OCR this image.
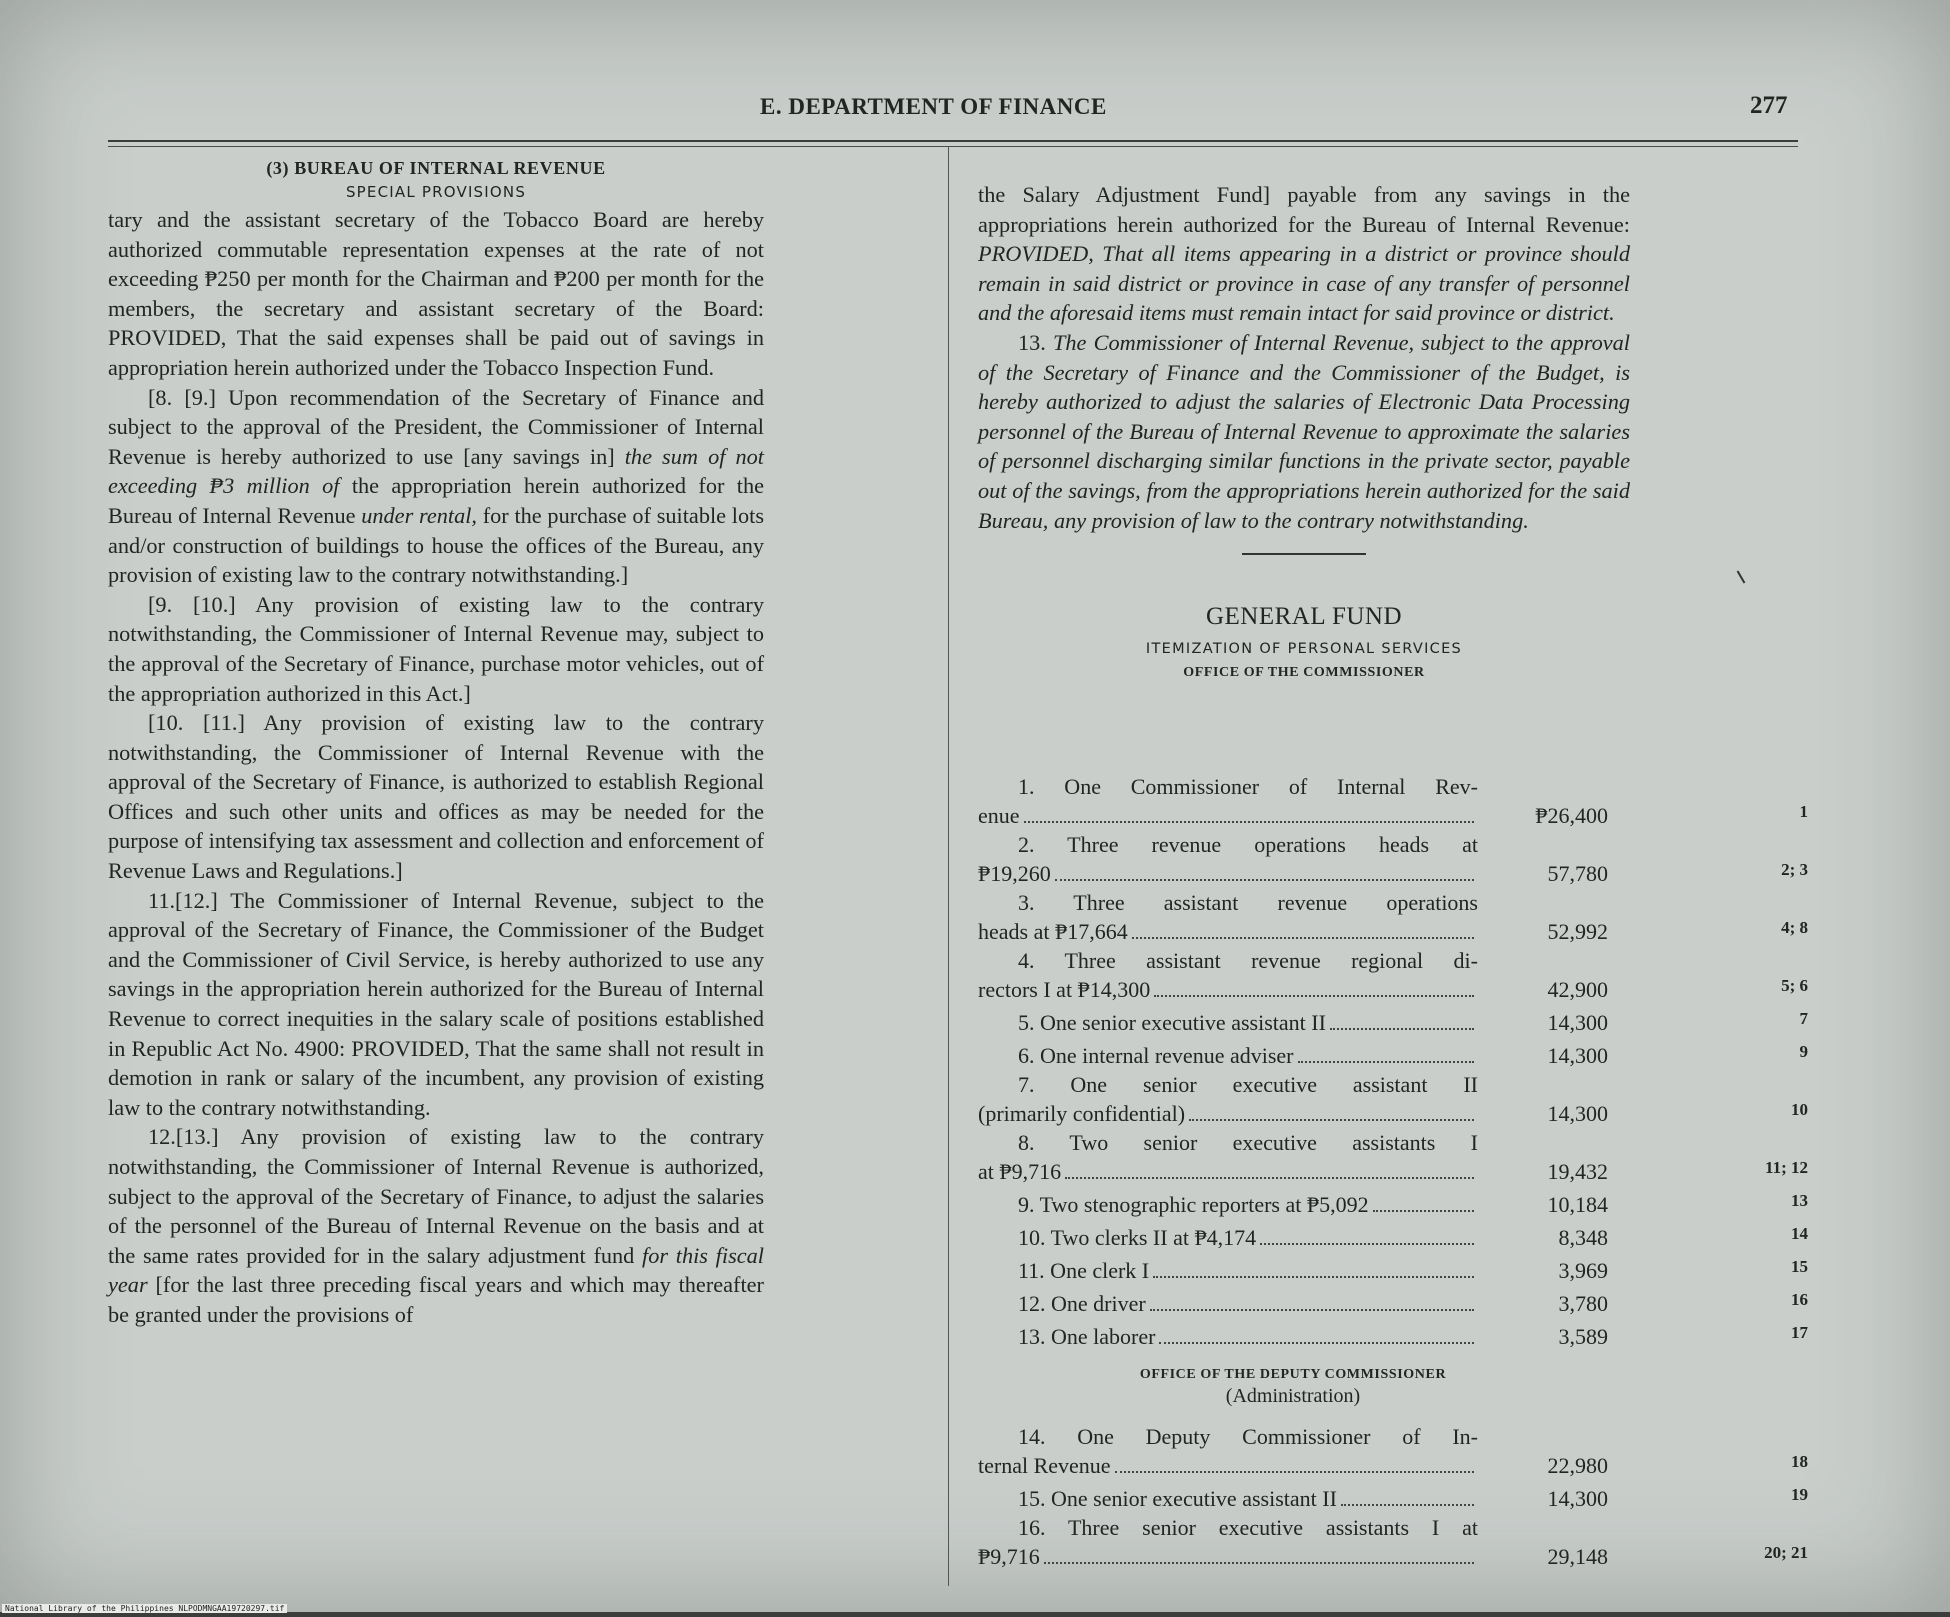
E. DEPARTMENT OF FINANCE	277
(3) BUREAU OF INTERNAL REVENUE
SPECIAL PROVISIONS

tary and the assistant secretary of the Tobacco Board are hereby authorized commutable representation expenses at the rate of not exceeding ₱250 per month for the Chairman and ₱200 per month for the members, the secretary and assistant secretary of the Board: PROVIDED, That the said expenses shall be paid out of savings in appropriation herein authorized under the Tobacco Inspection Fund.

[8. [9.] Upon recommendation of the Secretary of Finance and subject to the approval of the President, the Commissioner of Internal Revenue is hereby authorized to use [any savings in] the sum of not exceeding ₱3 million of the appropriation herein authorized for the Bureau of Internal Revenue under rental, for the purchase of suitable lots and/or construction of buildings to house the offices of the Bureau, any provision of existing law to the contrary notwithstanding.]

[9. [10.] Any provision of existing law to the contrary notwithstanding, the Commissioner of Internal Revenue may, subject to the approval of the Secretary of Finance, purchase motor vehicles, out of the appropriation authorized in this Act.]

[10. [11.] Any provision of existing law to the contrary notwithstanding, the Commissioner of Internal Revenue with the approval of the Secretary of Finance, is authorized to establish Regional Offices and such other units and offices as may be needed for the purpose of intensifying tax assessment and collection and enforcement of Revenue Laws and Regulations.]

11.[12.] The Commissioner of Internal Revenue, subject to the approval of the Secretary of Finance, the Commissioner of the Budget and the Commissioner of Civil Service, is hereby authorized to use any savings in the appropriation herein authorized for the Bureau of Internal Revenue to correct inequities in the salary scale of positions established in Republic Act No. 4900: PROVIDED, That the same shall not result in demotion in rank or salary of the incumbent, any provision of existing law to the contrary notwithstanding.

12.[13.] Any provision of existing law to the contrary notwithstanding, the Commissioner of Internal Revenue is authorized, subject to the approval of the Secretary of Finance, to adjust the salaries of the personnel of the Bureau of Internal Revenue on the basis and at the same rates provided for in the salary adjustment fund for this fiscal year [for the last three preceding fiscal years and which may thereafter be granted under the provisions of

the Salary Adjustment Fund] payable from any savings in the appropriations herein authorized for the Bureau of Internal Revenue: PROVIDED, That all items appearing in a district or province should remain in said district or province in case of any transfer of personnel and the aforesaid items must remain intact for said province or district.

13. The Commissioner of Internal Revenue, subject to the approval of the Secretary of Finance and the Commissioner of the Budget, is hereby authorized to adjust the salaries of Electronic Data Processing personnel of the Bureau of Internal Revenue to approximate the salaries of personnel discharging similar functions in the private sector, payable out of the savings, from the appropriations herein authorized for the said Bureau, any provision of law to the contrary notwithstanding.

GENERAL FUND
ITEMIZATION OF PERSONAL SERVICES
OFFICE OF THE COMMISSIONER
1. One Commissioner of Internal Rev-
enue	₱26,400	1
2. Three revenue operations heads at
₱19,260	57,780	2; 3
3. Three assistant revenue operations
heads at ₱17,664	52,992	4; 8
4. Three assistant revenue regional di-
rectors I at ₱14,300	42,900	5; 6
5. One senior executive assistant II	14,300	7
6. One internal revenue adviser	14,300	9
7. One senior executive assistant II
(primarily confidential)	14,300	10
8. Two senior executive assistants I
at ₱9,716	19,432	11; 12
9. Two stenographic reporters at ₱5,092	10,184	13
10. Two clerks II at ₱4,174	8,348	14
11. One clerk I	3,969	15
12. One driver	3,780	16
13. One laborer	3,589	17
OFFICE OF THE DEPUTY COMMISSIONER
(Administration)
14. One Deputy Commissioner of In-
ternal Revenue	22,980	18
15. One senior executive assistant II	14,300	19
16. Three senior executive assistants I at
₱9,716	29,148	20; 21
National Library of the Philippines NLPODMNGAA19720297.tif
